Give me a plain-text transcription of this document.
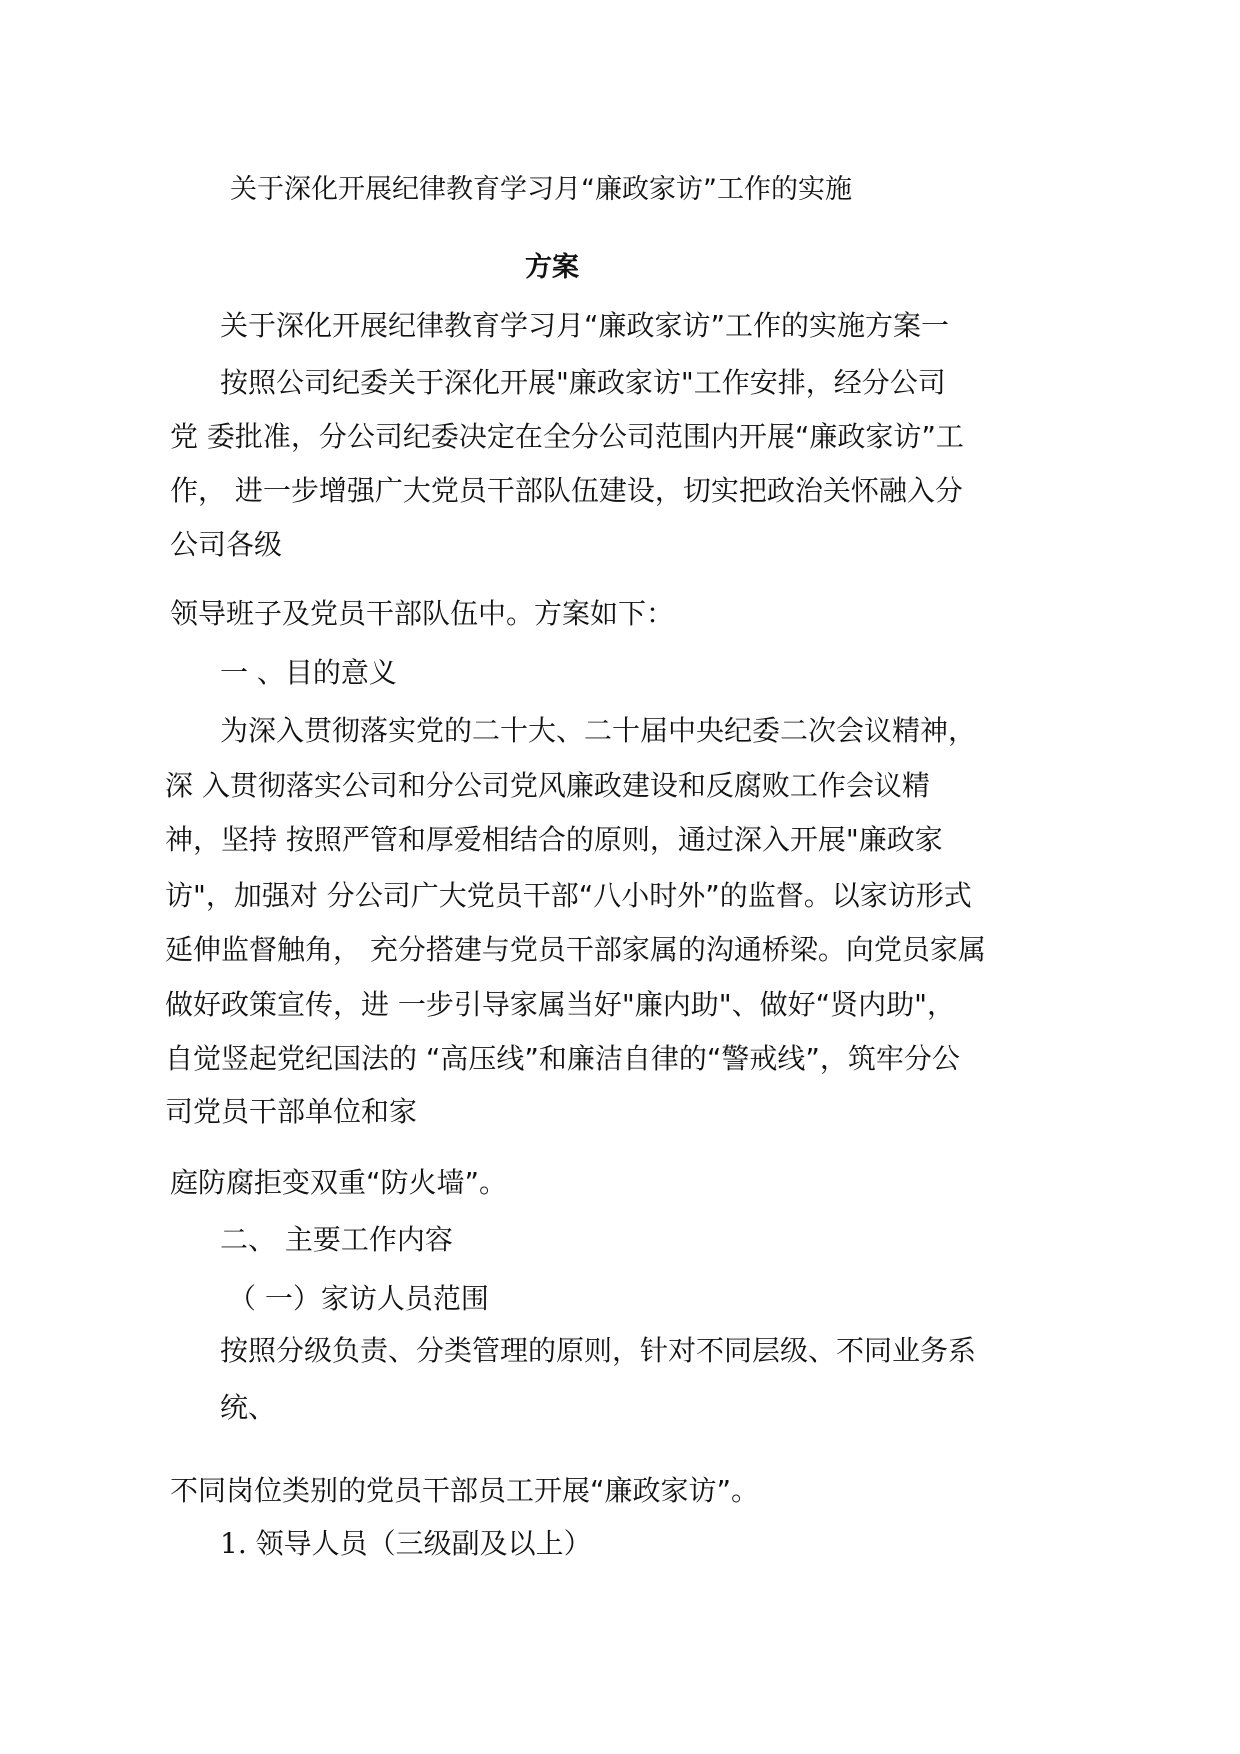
关于深化开展纪律教育学习月“廉政家访”工作的实施
方案
关于深化开展纪律教育学习月“廉政家访”工作的实施方案一
按照公司纪委关于深化开展"廉政家访"工作安排，经分公司
党 委批准，分公司纪委决定在全分公司范围内开展“廉政家访”工
作， 进一步增强广大党员干部队伍建设，切实把政治关怀融入分
公司各级
领导班子及党员干部队伍中。方案如下：
一 、目的意义
为深入贯彻落实党的二十大、二十届中央纪委二次会议精神，
深 入贯彻落实公司和分公司党风廉政建设和反腐败工作会议精
神，坚持 按照严管和厚爱相结合的原则，通过深入开展"廉政家
访"，加强对 分公司广大党员干部“八小时外”的监督。以家访形式
延伸监督触角， 充分搭建与党员干部家属的沟通桥梁。向党员家属
做好政策宣传，进 一步引导家属当好"廉内助"、做好“贤内助"，
自觉竖起党纪国法的 “高压线”和廉洁自律的“警戒线”，筑牢分公
司党员干部单位和家
庭防腐拒变双重“防火墙”。
二、 主要工作内容
（ 一）家访人员范围
按照分级负责、分类管理的原则，针对不同层级、不同业务系
统、
不同岗位类别的党员干部员工开展“廉政家访”。
1. 领导人员（三级副及以上）
